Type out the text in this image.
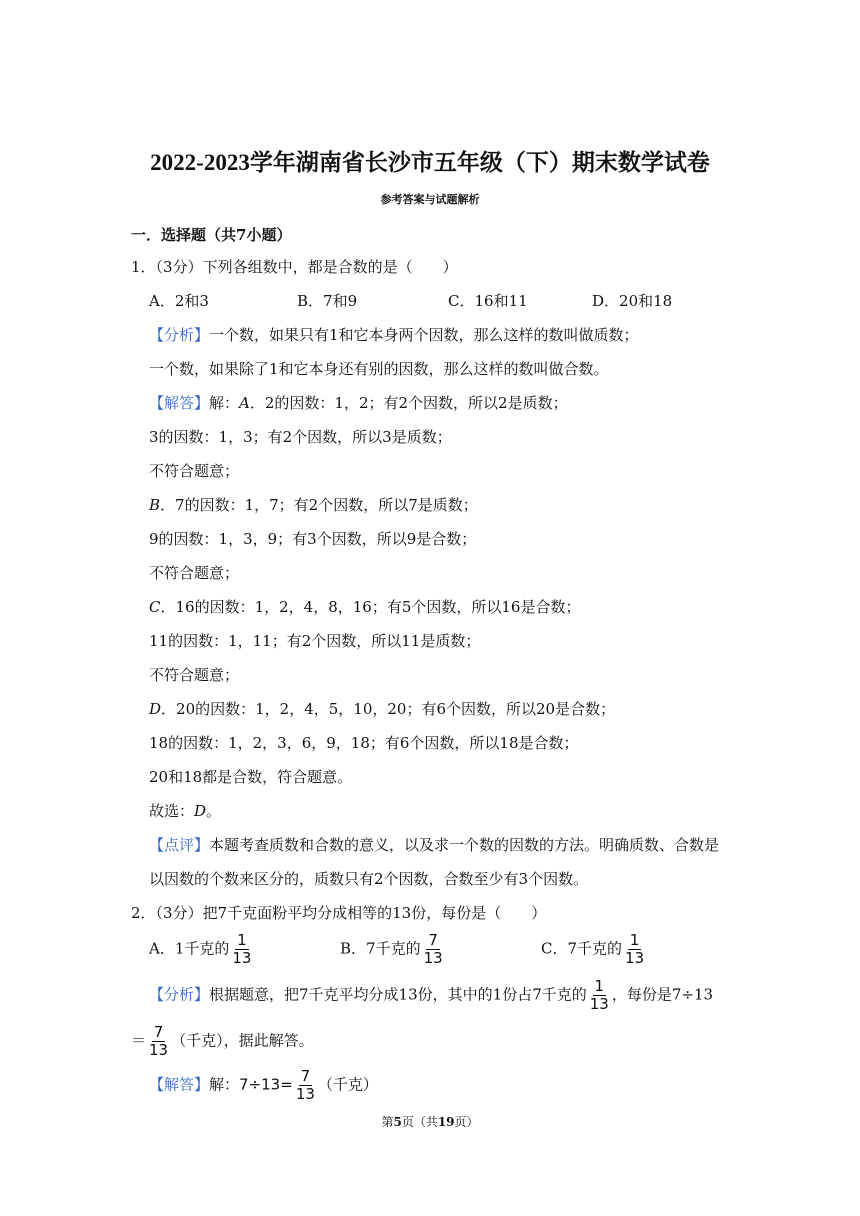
2022-2023学年湖南省长沙市五年级（下）期末数学试卷
参考答案与试题解析
一．选择题（共7小题）
1．（3分）下列各组数中，都是合数的是（　　）
A．2和3	B．7和9	C．16和11	D．20和18
【分析】一个数，如果只有1和它本身两个因数，那么这样的数叫做质数；
一个数，如果除了1和它本身还有别的因数，那么这样的数叫做合数。
【解答】解：A．2的因数：1，2；有2个因数，所以2是质数；
3的因数：1，3；有2个因数，所以3是质数；
不符合题意；
B．7的因数：1，7；有2个因数，所以7是质数；
9的因数：1，3，9；有3个因数，所以9是合数；
不符合题意；
C．16的因数：1，2，4，8，16；有5个因数，所以16是合数；
11的因数：1，11；有2个因数，所以11是质数；
不符合题意；
D．20的因数：1，2，4，5，10，20；有6个因数，所以20是合数；
18的因数：1，2，3，6，9，18；有6个因数，所以18是合数；
20和18都是合数，符合题意。
故选：D。
【点评】本题考查质数和合数的意义，以及求一个数的因数的方法。明确质数、合数是
以因数的个数来区分的，质数只有2个因数，合数至少有3个因数。
2．（3分）把7千克面粉平均分成相等的13份，每份是（　　）
A．1千克的 $\frac{1}{13}$	B．7千克的 $\frac{7}{13}$	C．7千克的 $\frac{1}{13}$
【分析】根据题意，把7千克平均分成13份，其中的1份占7千克的 $\frac{1}{13}$ ，每份是7÷13
＝ $\frac{7}{13}$ （千克），据此解答。
【解答】解：$7\div 13= \frac{7}{13}$ （千克）
第5页（共19页）
